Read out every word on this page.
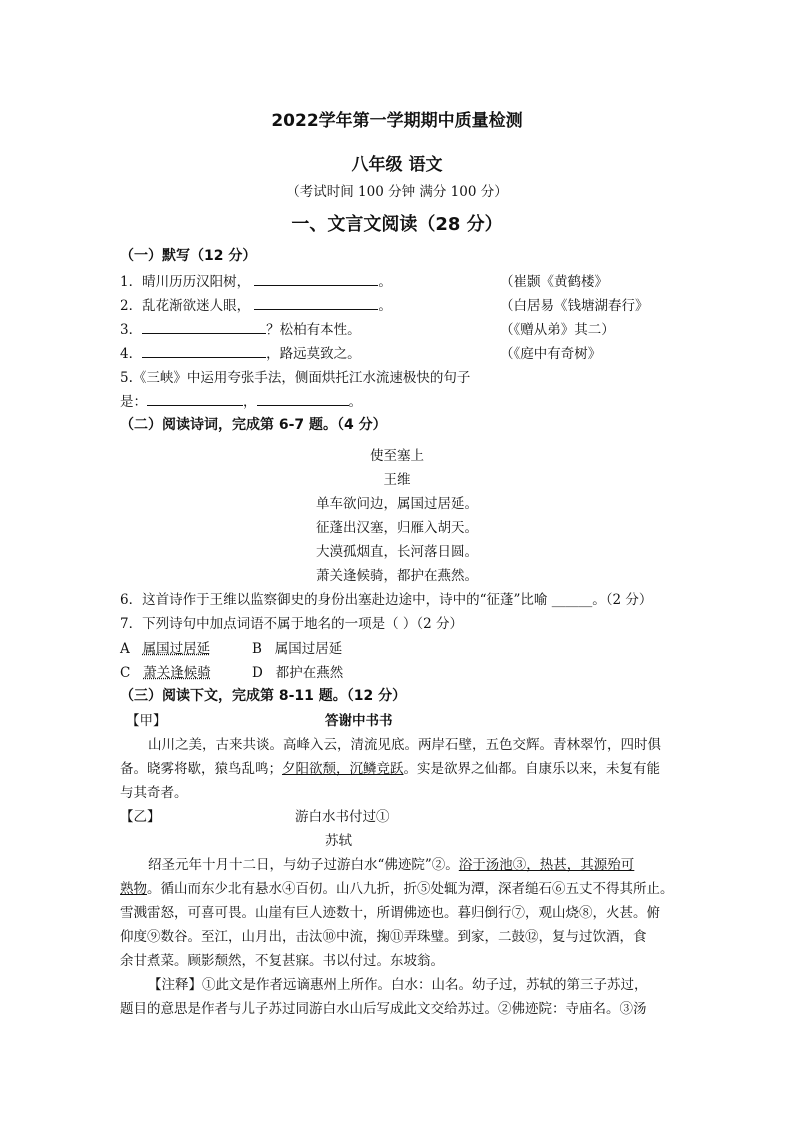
2022学年第一学期期中质量检测
八年级 语文
（考试时间 100 分钟 满分 100 分）
一、文言文阅读（28 分）
（一）默写（12 分）
1．晴川历历汉阳树，	。	（崔颢《黄鹤楼》
2．乱花渐欲迷人眼，	。	（白居易《钱塘湖春行》
3．	？松柏有本性。	（《赠从弟》其二）
4．	，路远莫致之。	（《庭中有奇树》
5.《三峡》中运用夸张手法，侧面烘托江水流速极快的句子
是：	，	。
（二）阅读诗词，完成第 6-7 题。（4 分）
使至塞上
王维
单车欲问边，属国过居延。
征蓬出汉塞，归雁入胡天。
大漠孤烟直，长河落日圆。
萧关逢候骑，都护在燕然。
6．这首诗作于王维以监察御史的身份出塞赴边途中，诗中的“征蓬”比喻 ______。（2 分）
7．下列诗句中加点词语不属于地名的一项是（ ）（2 分）
A 属国过居延	B 属国过居延
C 萧关逢候骑	D 都护在燕然
（三）阅读下文，完成第 8-11 题。（12 分）
【甲】	答谢中书书
山川之美，古来共谈。高峰入云，清流见底。两岸石壁，五色交辉。青林翠竹，四时俱
备。晓雾将歇，猿鸟乱鸣；夕阳欲颓，沉鳞竞跃。实是欲界之仙都。自康乐以来，未复有能
与其奇者。
【乙】	游白水书付过①
苏轼
绍圣元年十月十二日，与幼子过游白水“佛迹院”②。浴于汤池③，热甚，其源殆可
熟物。循山而东少北有悬水④百仞。山八九折，折⑤处辄为潭，深者缒石⑥五丈不得其所止。
雪溅雷怒，可喜可畏。山崖有巨人迹数十，所谓佛迹也。暮归倒行⑦，观山烧⑧，火甚。俯
仰度⑨数谷。至江，山月出，击汰⑩中流，掬⑪弄珠璧。到家，二鼓⑫，复与过饮酒，食
余甘煮菜。顾影颓然，不复甚寐。书以付过。东坡翁。
【注释】①此文是作者远谪惠州上所作。白水：山名。幼子过，苏轼的第三子苏过，
题目的意思是作者与儿子苏过同游白水山后写成此文交给苏过。②佛迹院：寺庙名。③汤
